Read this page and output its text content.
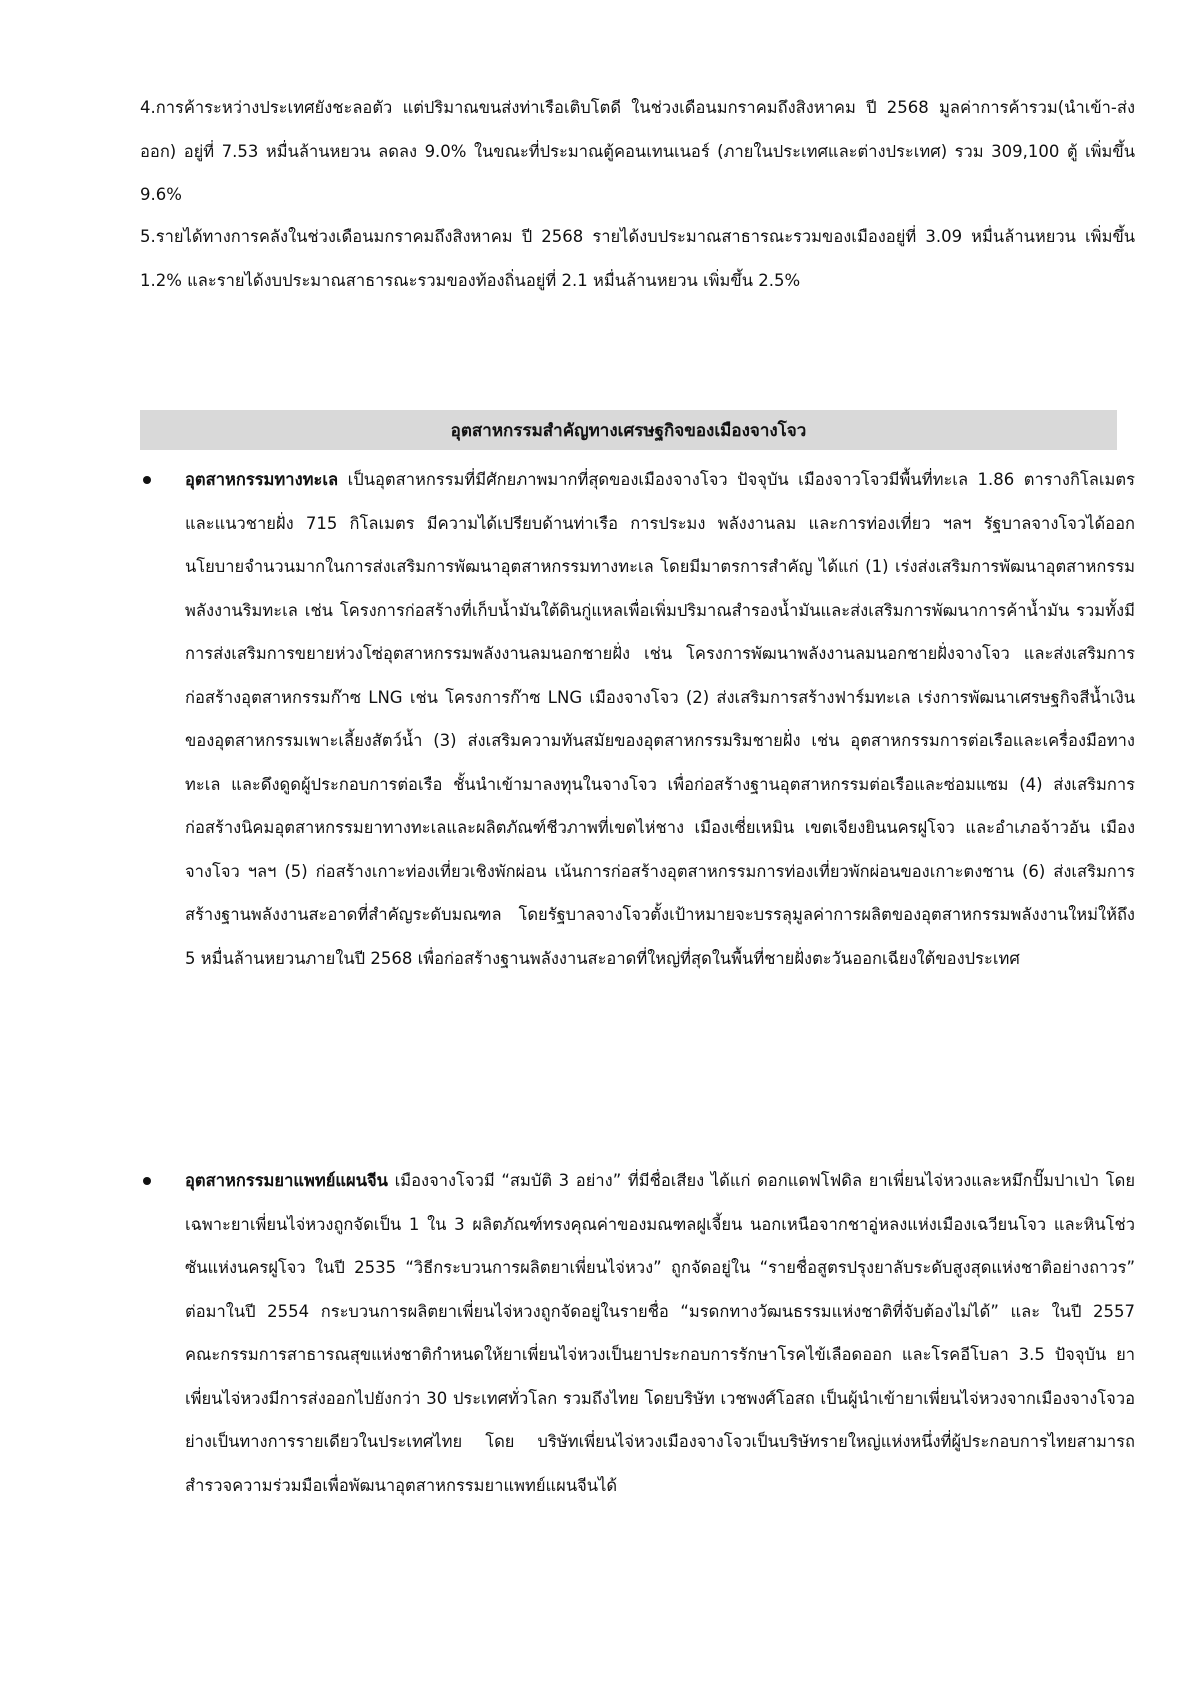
4.การค้าระหว่างประเทศยังชะลอตัว แต่ปริมาณขนส่งท่าเรือเติบโตดี ในช่วงเดือนมกราคมถึงสิงหาคม ปี 2568 มูลค่าการค้ารวม(นำเข้า-ส่งออก) อยู่ที่ 7.53 หมื่นล้านหยวน ลดลง 9.0% ในขณะที่ประมาณตู้คอนเทนเนอร์ (ภายในประเทศและต่างประเทศ) รวม 309,100 ตู้ เพิ่มขึ้น 9.6%

5.รายได้ทางการคลังในช่วงเดือนมกราคมถึงสิงหาคม ปี 2568 รายได้งบประมาณสาธารณะรวมของเมืองอยู่ที่ 3.09 หมื่นล้านหยวน เพิ่มขึ้น 1.2% และรายได้งบประมาณสาธารณะรวมของท้องถิ่นอยู่ที่ 2.1 หมื่นล้านหยวน เพิ่มขึ้น 2.5%

อุตสาหกรรมสำคัญทางเศรษฐกิจของเมืองจางโจว
อุตสาหกรรมทางทะเล เป็นอุตสาหกรรมที่มีศักยภาพมากที่สุดของเมืองจางโจว ปัจจุบัน เมืองจาวโจวมีพื้นที่ทะเล 1.86 ตารางกิโลเมตรและแนวชายฝั่ง 715 กิโลเมตร มีความได้เปรียบด้านท่าเรือ การประมง พลังงานลม และการท่องเที่ยว ฯลฯ รัฐบาลจางโจวได้ออกนโยบายจำนวนมากในการส่งเสริมการพัฒนาอุตสาหกรรมทางทะเล โดยมีมาตรการสำคัญ ได้แก่ (1) เร่งส่งเสริมการพัฒนาอุตสาหกรรมพลังงานริมทะเล เช่น โครงการก่อสร้างที่เก็บน้ำมันใต้ดินกู่แหลเพื่อเพิ่มปริมาณสำรองน้ำมันและส่งเสริมการพัฒนาการค้าน้ำมัน รวมทั้งมีการส่งเสริมการขยายห่วงโซ่อุตสาหกรรมพลังงานลมนอกชายฝั่ง เช่น โครงการพัฒนาพลังงานลมนอกชายฝั่งจางโจว และส่งเสริมการก่อสร้างอุตสาหกรรมก๊าซ LNG เช่น โครงการก๊าซ LNG เมืองจางโจว (2) ส่งเสริมการสร้างฟาร์มทะเล เร่งการพัฒนาเศรษฐกิจสีน้ำเงินของอุตสาหกรรมเพาะเลี้ยงสัตว์น้ำ (3) ส่งเสริมความทันสมัยของอุตสาหกรรมริมชายฝั่ง เช่น อุตสาหกรรมการต่อเรือและเครื่องมือทางทะเล และดึงดูดผู้ประกอบการต่อเรือ ชั้นนำเข้ามาลงทุนในจางโจว เพื่อก่อสร้างฐานอุตสาหกรรมต่อเรือและซ่อมแซม (4) ส่งเสริมการก่อสร้างนิคมอุตสาหกรรมยาทางทะเลและผลิตภัณฑ์ชีวภาพที่เขตไห่ชาง เมืองเซี่ยเหมิน เขตเจียงยินนครฝูโจว และอำเภอจ้าวอัน เมืองจางโจว ฯลฯ (5) ก่อสร้างเกาะท่องเที่ยวเชิงพักผ่อน เน้นการก่อสร้างอุตสาหกรรมการท่องเที่ยวพักผ่อนของเกาะตงชาน (6) ส่งเสริมการสร้างฐานพลังงานสะอาดที่สำคัญระดับมณฑล โดยรัฐบาลจางโจวตั้งเป้าหมายจะบรรลุมูลค่าการผลิตของอุตสาหกรรมพลังงานใหม่ให้ถึง 5 หมื่นล้านหยวนภายในปี 2568 เพื่อก่อสร้างฐานพลังงานสะอาดที่ใหญ่ที่สุดในพื้นที่ชายฝั่งตะวันออกเฉียงใต้ของประเทศ
อุตสาหกรรมยาแพทย์แผนจีน เมืองจางโจวมี “สมบัติ 3 อย่าง” ที่มีชื่อเสียง ได้แก่ ดอกแดฟโฟดิล ยาเพี่ยนไจ่หวงและหมึกปั๊มปาเป่า โดยเฉพาะยาเพี่ยนไจ่หวงถูกจัดเป็น 1 ใน 3 ผลิตภัณฑ์ทรงคุณค่าของมณฑลฝูเจี้ยน นอกเหนือจากชาอู่หลงแห่งเมืองเฉวียนโจว และหินโช่วซันแห่งนครฝูโจว ในปี 2535 “วิธีกระบวนการผลิตยาเพี่ยนไจ่หวง” ถูกจัดอยู่ใน “รายชื่อสูตรปรุงยาลับระดับสูงสุดแห่งชาติอย่างถาวร” ต่อมาในปี 2554 กระบวนการผลิตยาเพี่ยนไจ่หวงถูกจัดอยู่ในรายชื่อ “มรดกทางวัฒนธรรมแห่งชาติที่จับต้องไม่ได้” และ ในปี 2557 คณะกรรมการสาธารณสุขแห่งชาติกำหนดให้ยาเพี่ยนไจ่หวงเป็นยาประกอบการรักษาโรคไข้เลือดออก และโรคอีโบลา 3.5 ปัจจุบัน ยาเพี่ยนไจ่หวงมีการส่งออกไปยังกว่า 30 ประเทศทั่วโลก รวมถึงไทย โดยบริษัท เวชพงศ์โอสถ เป็นผู้นำเข้ายาเพี่ยนไจ่หวงจากเมืองจางโจวอย่างเป็นทางการรายเดียวในประเทศไทย โดย บริษัทเพี่ยนไจ่หวงเมืองจางโจวเป็นบริษัทรายใหญ่แห่งหนึ่งที่ผู้ประกอบการไทยสามารถสำรวจความร่วมมือเพื่อพัฒนาอุตสาหกรรมยาแพทย์แผนจีนได้
